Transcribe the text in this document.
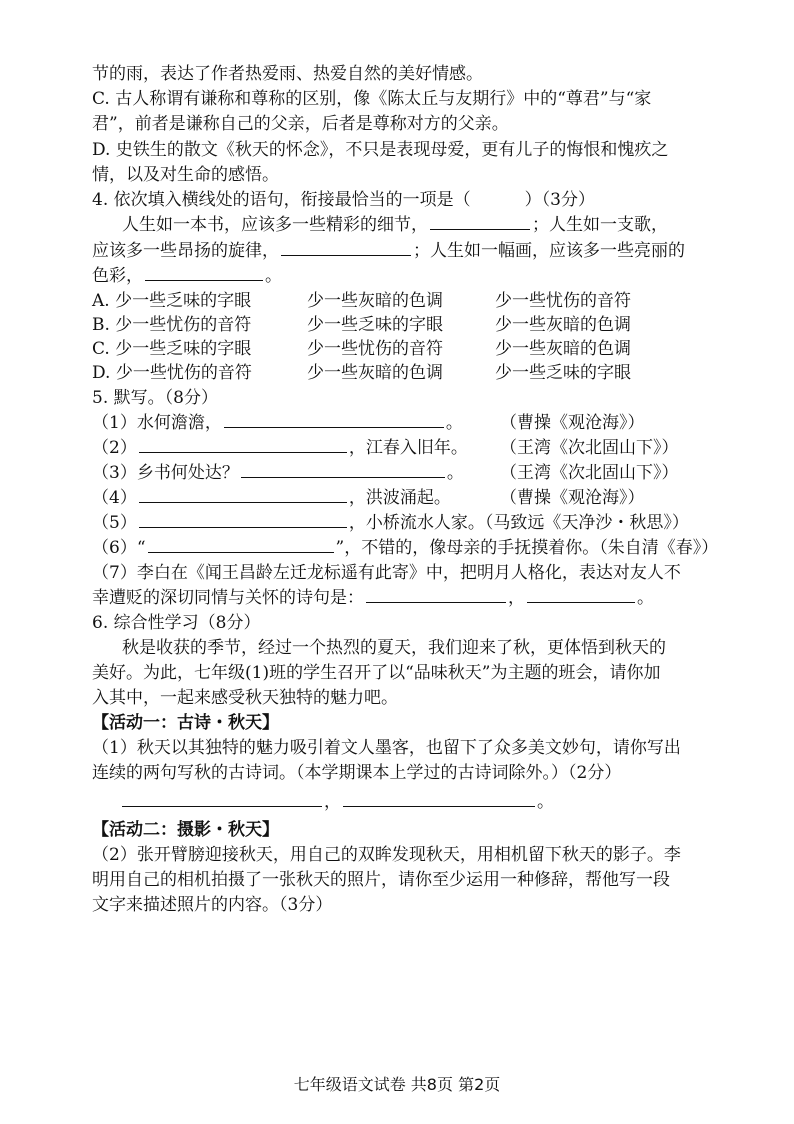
节的雨，表达了作者热爱雨、热爱自然的美好情感。
C. 古人称谓有谦称和尊称的区别，像《陈太丘与友期行》中的“尊君”与“家
君”，前者是谦称自己的父亲，后者是尊称对方的父亲。
D. 史铁生的散文《秋天的怀念》，不只是表现母爱，更有儿子的悔恨和愧疚之
情，以及对生命的感悟。
4. 依次填入横线处的语句，衔接最恰当的一项是（	）（3分）
人生如一本书，应该多一些精彩的细节，	；人生如一支歌，
应该多一些昂扬的旋律，	；人生如一幅画，应该多一些亮丽的
色彩，	。
A. 少一些乏味的字眼	少一些灰暗的色调	少一些忧伤的音符
B. 少一些忧伤的音符	少一些乏味的字眼	少一些灰暗的色调
C. 少一些乏味的字眼	少一些忧伤的音符	少一些灰暗的色调
D. 少一些忧伤的音符	少一些灰暗的色调	少一些乏味的字眼
5. 默写。（8分）
（1）水何澹澹，	。 （曹操《观沧海》）
（2）	，江春入旧年。 （王湾《次北固山下》）
（3）乡书何处达？	。 （王湾《次北固山下》）
（4）	，洪波涌起。	（曹操《观沧海》）
（5）	，小桥流水人家。（马致远《天净沙・秋思》）
（6）“	”，不错的，像母亲的手抚摸着你。（朱自清《春》）
（7）李白在《闻王昌龄左迁龙标遥有此寄》中，把明月人格化，表达对友人不
幸遭贬的深切同情与关怀的诗句是：	，	。
6. 综合性学习（8分）
秋是收获的季节，经过一个热烈的夏天，我们迎来了秋，更体悟到秋天的
美好。为此，七年级(1)班的学生召开了以“品味秋天”为主题的班会，请你加
入其中，一起来感受秋天独特的魅力吧。
【活动一：古诗・秋天】
（1）秋天以其独特的魅力吸引着文人墨客，也留下了众多美文妙句，请你写出
连续的两句写秋的古诗词。（本学期课本上学过的古诗词除外。）（2分）
，	。
【活动二：摄影・秋天】
（2）张开臂膀迎接秋天，用自己的双眸发现秋天，用相机留下秋天的影子。李
明用自己的相机拍摄了一张秋天的照片，请你至少运用一种修辞，帮他写一段
文字来描述照片的内容。（3分）
七年级语文试卷 共8页 第2页
